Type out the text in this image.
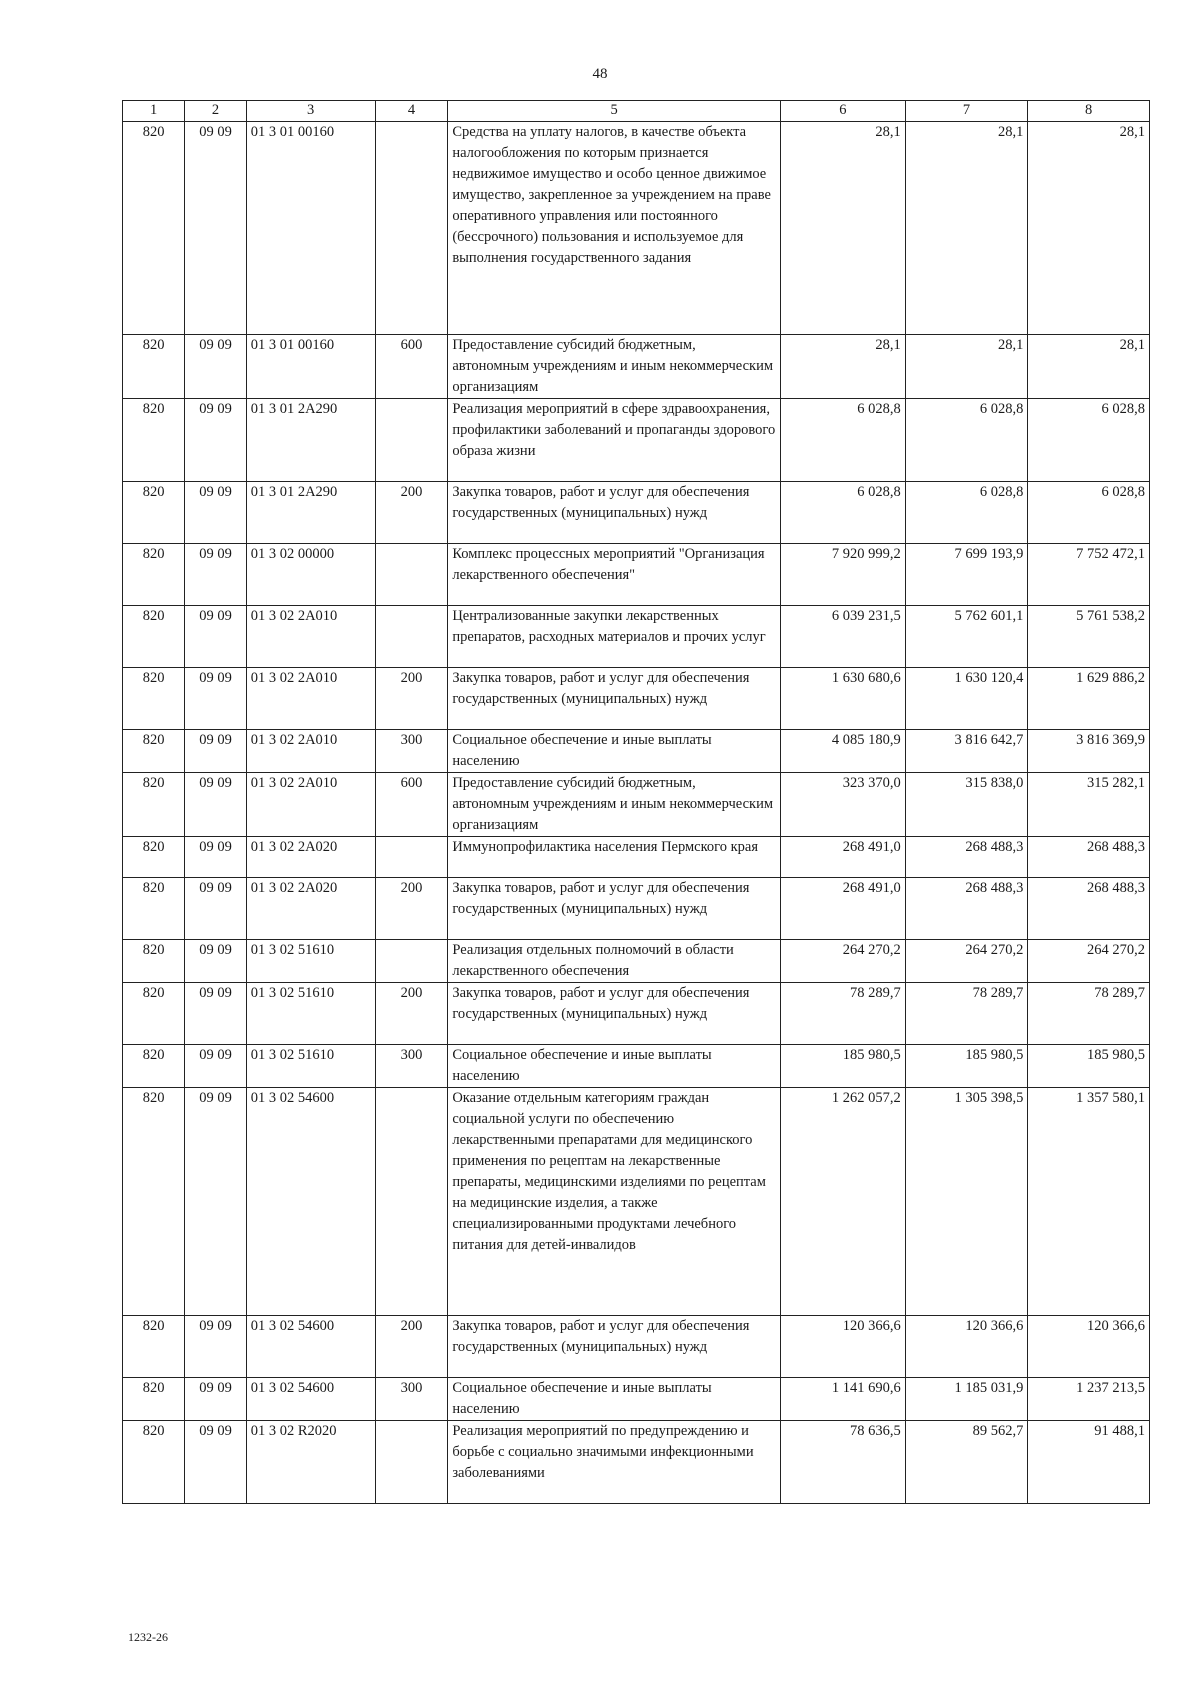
48
1	2	3	4	5	6	7	8
820	09 09	01 3 01 00160		Средства на уплату налогов, в качестве объекта налогообложения по которым признается недвижимое имущество и особо ценное движимое имущество, закрепленное за учреждением на праве оперативного управления или постоянного (бессрочного) пользования и используемое для выполнения государственного задания	28,1	28,1	28,1
820	09 09	01 3 01 00160	600	Предоставление субсидий бюджетным, автономным учреждениям и иным некоммерческим организациям	28,1	28,1	28,1
820	09 09	01 3 01 2А290		Реализация мероприятий в сфере здравоохранения, профилактики заболеваний и пропаганды здорового образа жизни	6 028,8	6 028,8	6 028,8
820	09 09	01 3 01 2А290	200	Закупка товаров, работ и услуг для обеспечения государственных (муниципальных) нужд	6 028,8	6 028,8	6 028,8
820	09 09	01 3 02 00000		Комплекс процессных мероприятий "Организация лекарственного обеспечения"	7 920 999,2	7 699 193,9	7 752 472,1
820	09 09	01 3 02 2А010		Централизованные закупки лекарственных препаратов, расходных материалов и прочих услуг	6 039 231,5	5 762 601,1	5 761 538,2
820	09 09	01 3 02 2А010	200	Закупка товаров, работ и услуг для обеспечения государственных (муниципальных) нужд	1 630 680,6	1 630 120,4	1 629 886,2
820	09 09	01 3 02 2А010	300	Социальное обеспечение и иные выплаты населению	4 085 180,9	3 816 642,7	3 816 369,9
820	09 09	01 3 02 2А010	600	Предоставление субсидий бюджетным, автономным учреждениям и иным некоммерческим организациям	323 370,0	315 838,0	315 282,1
820	09 09	01 3 02 2А020		Иммунопрофилактика населения Пермского края	268 491,0	268 488,3	268 488,3
820	09 09	01 3 02 2А020	200	Закупка товаров, работ и услуг для обеспечения государственных (муниципальных) нужд	268 491,0	268 488,3	268 488,3
820	09 09	01 3 02 51610		Реализация отдельных полномочий в области лекарственного обеспечения	264 270,2	264 270,2	264 270,2
820	09 09	01 3 02 51610	200	Закупка товаров, работ и услуг для обеспечения государственных (муниципальных) нужд	78 289,7	78 289,7	78 289,7
820	09 09	01 3 02 51610	300	Социальное обеспечение и иные выплаты населению	185 980,5	185 980,5	185 980,5
820	09 09	01 3 02 54600		Оказание отдельным категориям граждан социальной услуги по обеспечению лекарственными препаратами для медицинского применения по рецептам на лекарственные препараты, медицинскими изделиями по рецептам на медицинские изделия, а также специализированными продуктами лечебного питания для детей-инвалидов	1 262 057,2	1 305 398,5	1 357 580,1
820	09 09	01 3 02 54600	200	Закупка товаров, работ и услуг для обеспечения государственных (муниципальных) нужд	120 366,6	120 366,6	120 366,6
820	09 09	01 3 02 54600	300	Социальное обеспечение и иные выплаты населению	1 141 690,6	1 185 031,9	1 237 213,5
820	09 09	01 3 02 R2020		Реализация мероприятий по предупреждению и борьбе с социально значимыми инфекционными заболеваниями	78 636,5	89 562,7	91 488,1
1232-26
